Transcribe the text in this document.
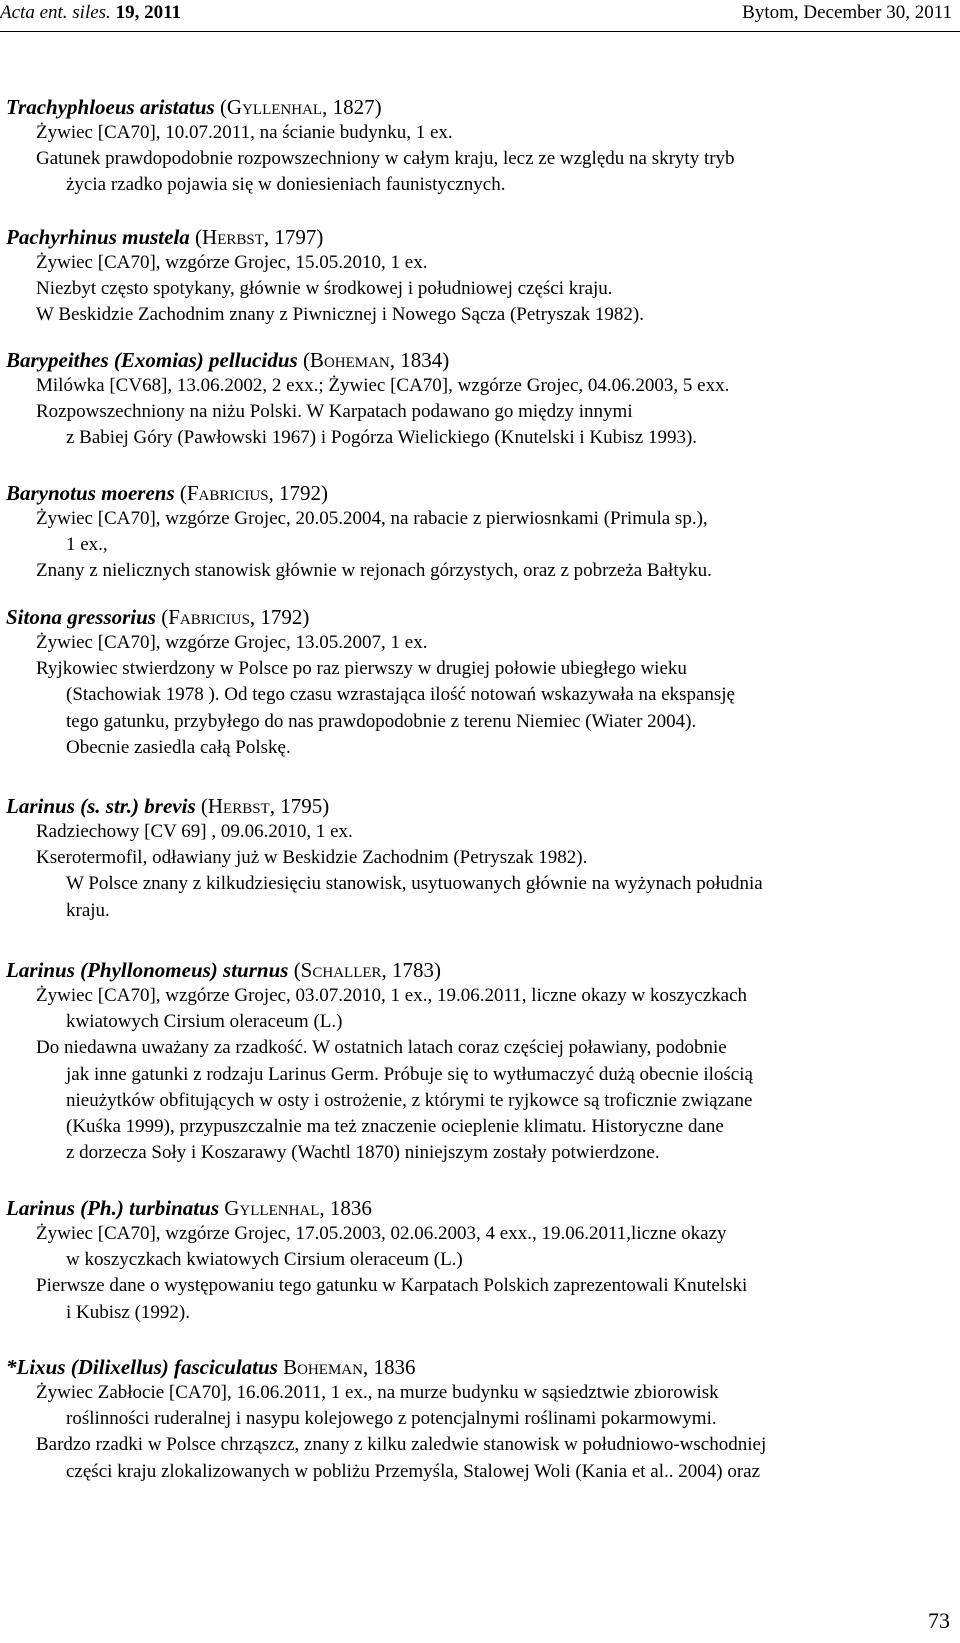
Acta ent. siles. 19, 2011	Bytom, December 30, 2011
Trachyphloeus aristatus (Gyllenhal, 1827)
Żywiec [CA70], 10.07.2011, na ścianie budynku, 1 ex.
Gatunek prawdopodobnie rozpowszechniony w całym kraju, lecz ze względu na skryty tryb
życia rzadko pojawia się w doniesieniach faunistycznych.
Pachyrhinus mustela (Herbst, 1797)
Żywiec [CA70], wzgórze Grojec, 15.05.2010, 1 ex.
Niezbyt często spotykany, głównie w środkowej i południowej części kraju.
W Beskidzie Zachodnim znany z Piwnicznej i Nowego Sącza (Petryszak 1982).
Barypeithes (Exomias) pellucidus (Boheman, 1834)
Milówka [CV68], 13.06.2002, 2 exx.; Żywiec [CA70], wzgórze Grojec, 04.06.2003, 5 exx.
Rozpowszechniony na niżu Polski. W Karpatach podawano go między innymi
z Babiej Góry (Pawłowski 1967) i Pogórza Wielickiego (Knutelski i Kubisz 1993).
Barynotus moerens (Fabricius, 1792)
Żywiec [CA70], wzgórze Grojec, 20.05.2004, na rabacie z pierwiosnkami (Primula sp.),
1 ex.,
Znany z nielicznych stanowisk głównie w rejonach górzystych, oraz z pobrzeża Bałtyku.
Sitona gressorius (Fabricius, 1792)
Żywiec [CA70], wzgórze Grojec, 13.05.2007, 1 ex.
Ryjkowiec stwierdzony w Polsce po raz pierwszy w drugiej połowie ubiegłego wieku
(Stachowiak 1978 ). Od tego czasu wzrastająca ilość notowań wskazywała na ekspansję
tego gatunku, przybyłego do nas prawdopodobnie z terenu Niemiec (Wiater 2004).
Obecnie zasiedla całą Polskę.
Larinus (s. str.) brevis (Herbst, 1795)
Radziechowy [CV 69] , 09.06.2010, 1 ex.
Kserotermofil, odławiany już w Beskidzie Zachodnim (Petryszak 1982).
W Polsce znany z kilkudziesięciu stanowisk, usytuowanych głównie na wyżynach południa
kraju.
Larinus (Phyllonomeus) sturnus (Schaller, 1783)
Żywiec [CA70], wzgórze Grojec, 03.07.2010, 1 ex., 19.06.2011, liczne okazy w koszyczkach
kwiatowych Cirsium oleraceum (L.)
Do niedawna uważany za rzadkość. W ostatnich latach coraz częściej poławiany, podobnie
jak inne gatunki z rodzaju Larinus Germ. Próbuje się to wytłumaczyć dużą obecnie ilością
nieużytków obfitujących w osty i ostrożenie, z którymi te ryjkowce są troficznie związane
(Kuśka 1999), przypuszczalnie ma też znaczenie ocieplenie klimatu. Historyczne dane
z dorzecza Soły i Koszarawy (Wachtl 1870) niniejszym zostały potwierdzone.
Larinus (Ph.) turbinatus Gyllenhal, 1836
Żywiec [CA70], wzgórze Grojec, 17.05.2003, 02.06.2003, 4 exx., 19.06.2011,liczne okazy
w koszyczkach kwiatowych Cirsium oleraceum (L.)
Pierwsze dane o występowaniu tego gatunku w Karpatach Polskich zaprezentowali Knutelski
i Kubisz (1992).
*Lixus (Dilixellus) fasciculatus Boheman, 1836
Żywiec Zabłocie [CA70], 16.06.2011, 1 ex., na murze budynku w sąsiedztwie zbiorowisk
roślinności ruderalnej i nasypu kolejowego z potencjalnymi roślinami pokarmowymi.
Bardzo rzadki w Polsce chrząszcz, znany z kilku zaledwie stanowisk w południowo-wschodniej
części kraju zlokalizowanych w pobliżu Przemyśla, Stalowej Woli (Kania et al.. 2004) oraz
73
